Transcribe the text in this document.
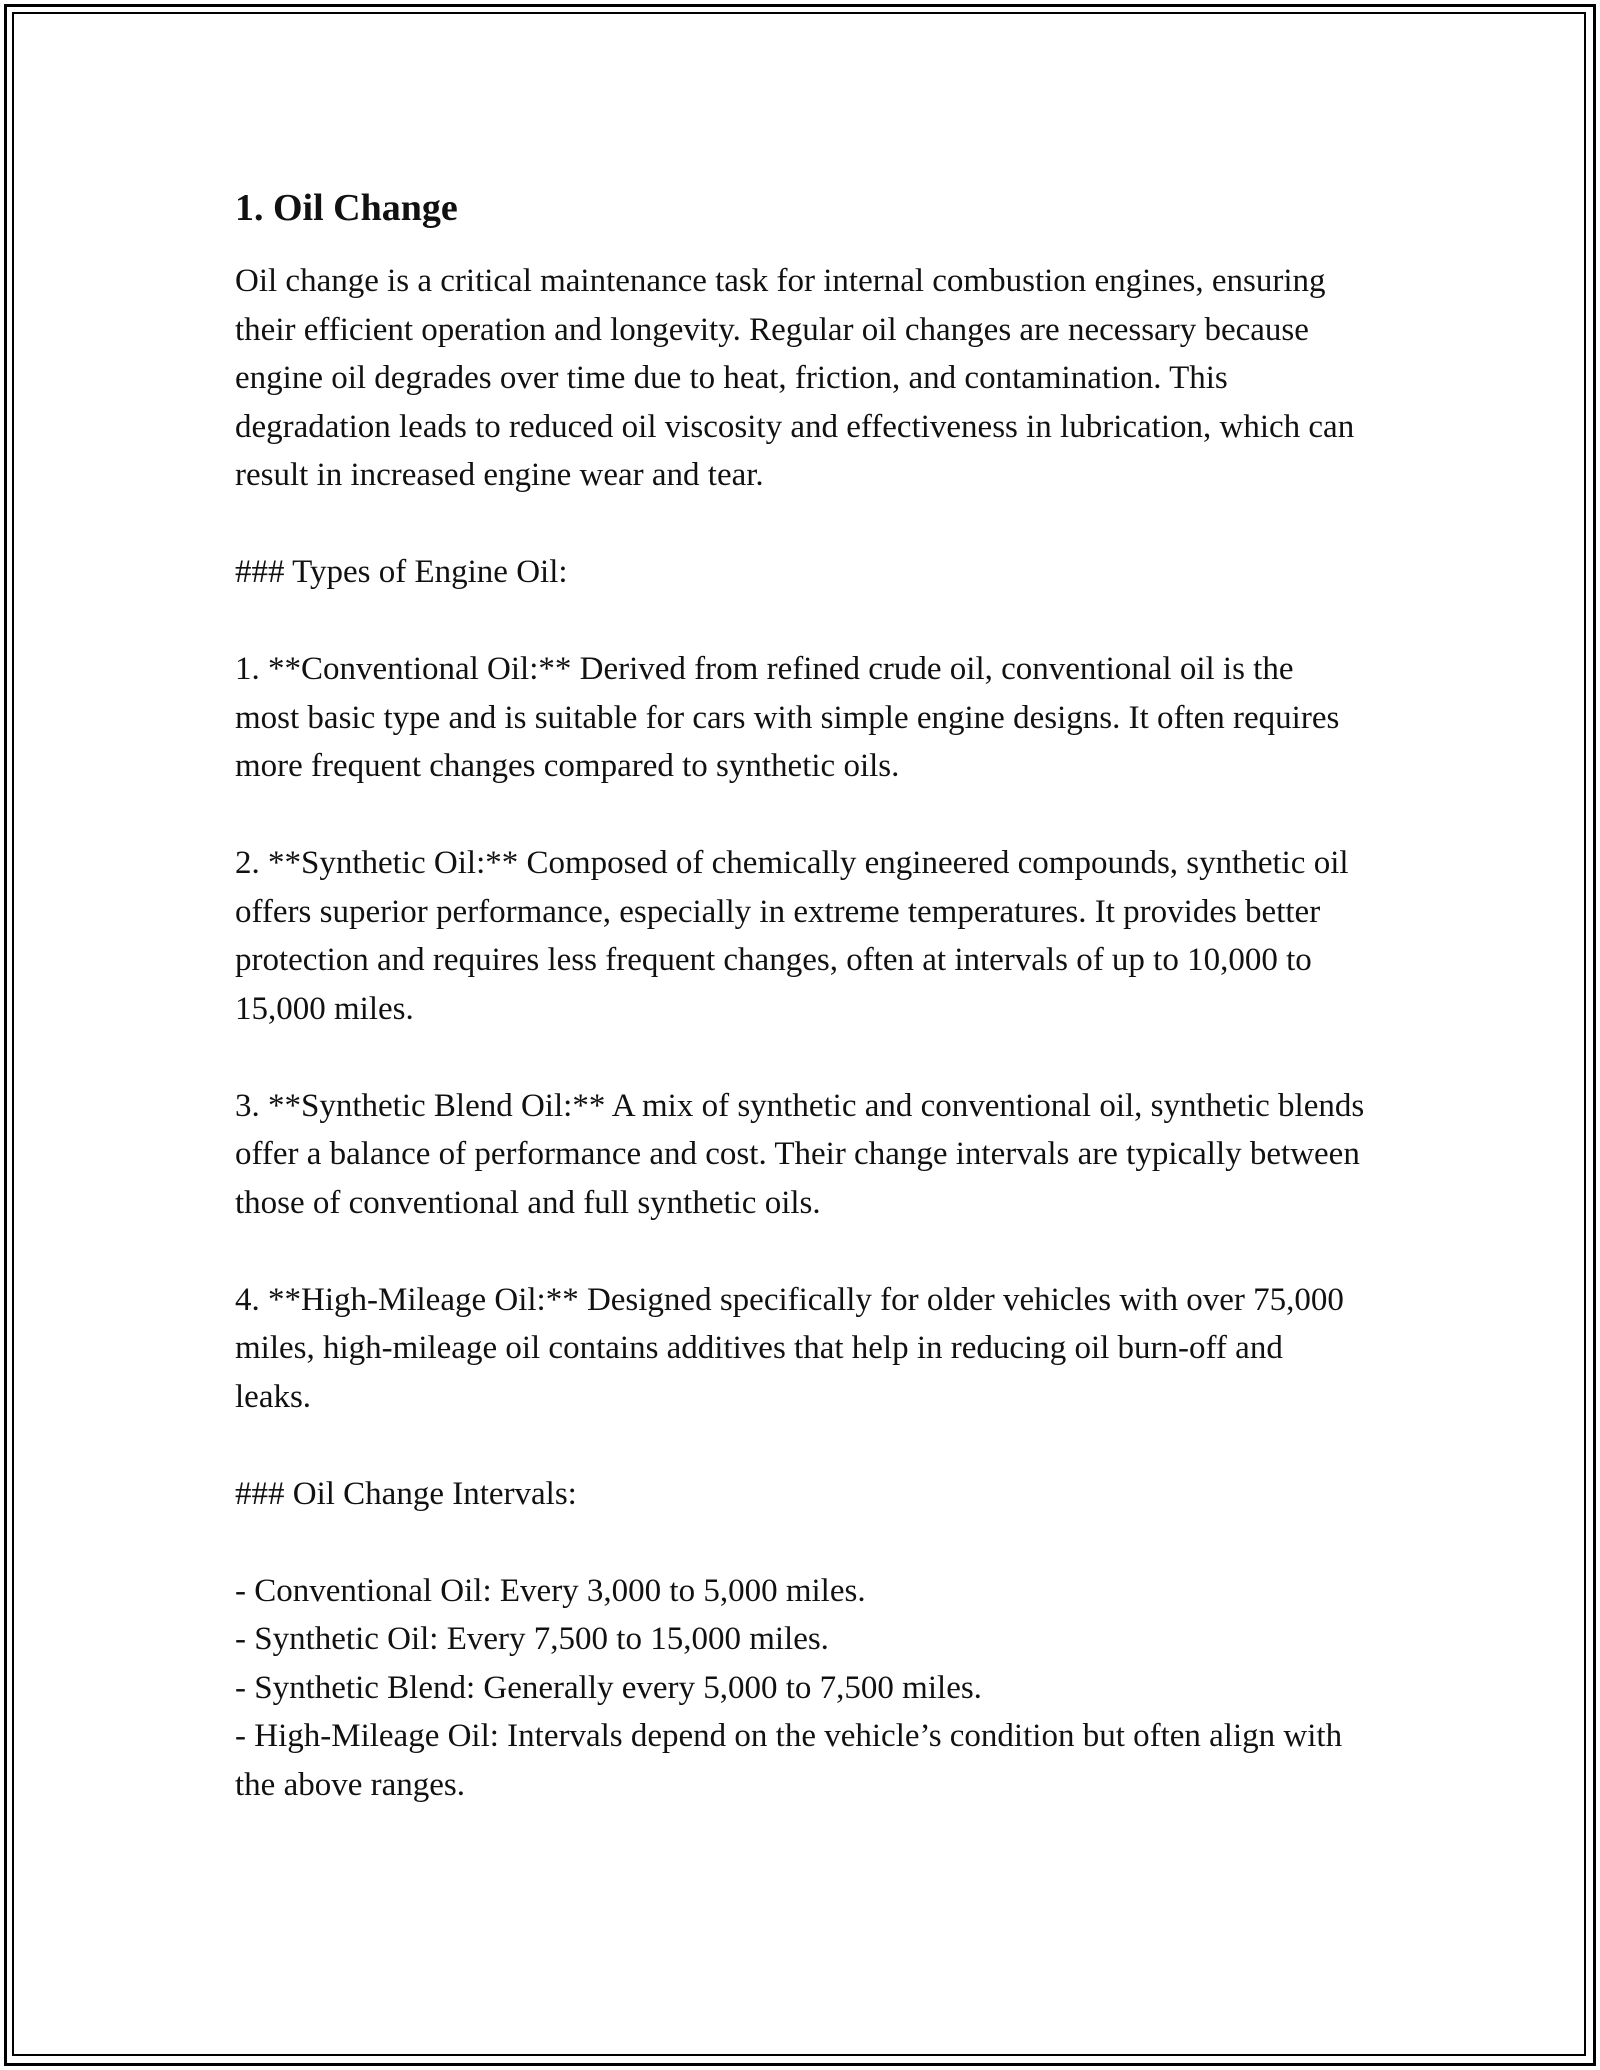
1. Oil Change

Oil change is a critical maintenance task for internal combustion engines, ensuring their efficient operation and longevity. Regular oil changes are necessary because engine oil degrades over time due to heat, friction, and contamination. This degradation leads to reduced oil viscosity and effectiveness in lubrication, which can result in increased engine wear and tear.

### Types of Engine Oil:

1. **Conventional Oil:** Derived from refined crude oil, conventional oil is the most basic type and is suitable for cars with simple engine designs. It often requires more frequent changes compared to synthetic oils.

2. **Synthetic Oil:** Composed of chemically engineered compounds, synthetic oil offers superior performance, especially in extreme temperatures. It provides better protection and requires less frequent changes, often at intervals of up to 10,000 to 15,000 miles.

3. **Synthetic Blend Oil:** A mix of synthetic and conventional oil, synthetic blends offer a balance of performance and cost. Their change intervals are typically between those of conventional and full synthetic oils.

4. **High-Mileage Oil:** Designed specifically for older vehicles with over 75,000 miles, high-mileage oil contains additives that help in reducing oil burn-off and leaks.

### Oil Change Intervals:

- Conventional Oil: Every 3,000 to 5,000 miles.

- Synthetic Oil: Every 7,500 to 15,000 miles.

- Synthetic Blend: Generally every 5,000 to 7,500 miles.

- High-Mileage Oil: Intervals depend on the vehicle’s condition but often align with the above ranges.
